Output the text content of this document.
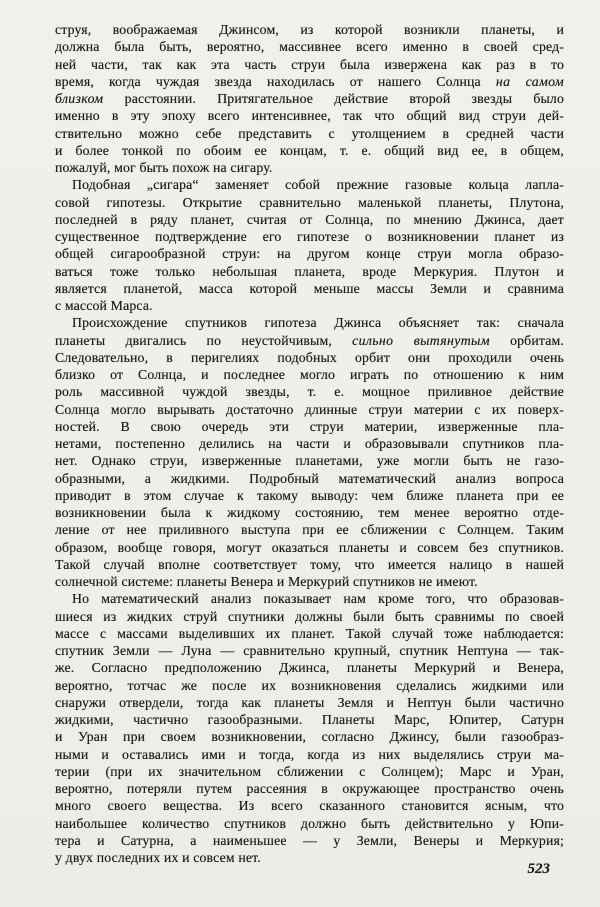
струя, воображаемая Джинсом, из которой возникли планеты, и
должна была быть, вероятно, массивнее всего именно в своей сред-
ней части, так как эта часть струи была извержена как раз в то
время, когда чуждая звезда находилась от нашего Солнца на самом
близком расстоянии. Притягательное действие второй звезды было
именно в эту эпоху всего интенсивнее, так что общий вид струи дей-
ствительно можно себе представить с утолщением в средней части
и более тонкой по обоим ее концам, т. е. общий вид ее, в общем,
пожалуй, мог быть похож на сигару.
Подобная „сигара“ заменяет собой прежние газовые кольца лапла-
совой гипотезы. Открытие сравнительно маленькой планеты, Плутона,
последней в ряду планет, считая от Солнца, по мнению Джинса, дает
существенное подтверждение его гипотезе о возникновении планет из
общей сигарообразной струи: на другом конце струи могла образо-
ваться тоже только небольшая планета, вроде Меркурия. Плутон и
является планетой, масса которой меньше массы Земли и сравнима
с массой Марса.
Происхождение спутников гипотеза Джинса объясняет так: сначала
планеты двигались по неустойчивым, сильно вытянутым орбитам.
Следовательно, в перигелиях подобных орбит они проходили очень
близко от Солнца, и последнее могло играть по отношению к ним
роль массивной чуждой звезды, т. е. мощное приливное действие
Солнца могло вырывать достаточно длинные струи материи с их поверх-
ностей. В свою очередь эти струи материи, изверженные пла-
нетами, постепенно делились на части и образовывали спутников пла-
нет. Однако струи, изверженные планетами, уже могли быть не газо-
образными, а жидкими. Подробный математический анализ вопроса
приводит в этом случае к такому выводу: чем ближе планета при ее
возникновении была к жидкому состоянию, тем менее вероятно отде-
ление от нее приливного выступа при ее сближении с Солнцем. Таким
образом, вообще говоря, могут оказаться планеты и совсем без спутников.
Такой случай вполне соответствует тому, что имеется налицо в нашей
солнечной системе: планеты Венера и Меркурий спутников не имеют.
Но математический анализ показывает нам кроме того, что образовав-
шиеся из жидких струй спутники должны были быть сравнимы по своей
массе с массами выделивших их планет. Такой случай тоже наблюдается:
спутник Земли — Луна — сравнительно крупный, спутник Нептуна — так-
же. Согласно предположению Джинса, планеты Меркурий и Венера,
вероятно, тотчас же после их возникновения сделались жидкими или
снаружи отвердели, тогда как планеты Земля и Нептун были частично
жидкими, частично газообразными. Планеты Марс, Юпитер, Сатурн
и Уран при своем возникновении, согласно Джинсу, были газообраз-
ными и оставались ими и тогда, когда из них выделялись струи ма-
терии (при их значительном сближении с Солнцем); Марс и Уран,
вероятно, потеряли путем рассеяния в окружающее пространство очень
много своего вещества. Из всего сказанного становится ясным, что
наибольшее количество спутников должно быть действительно у Юпи-
тера и Сатурна, а наименьшее — у Земли, Венеры и Меркурия;
у двух последних их и совсем нет.
523
